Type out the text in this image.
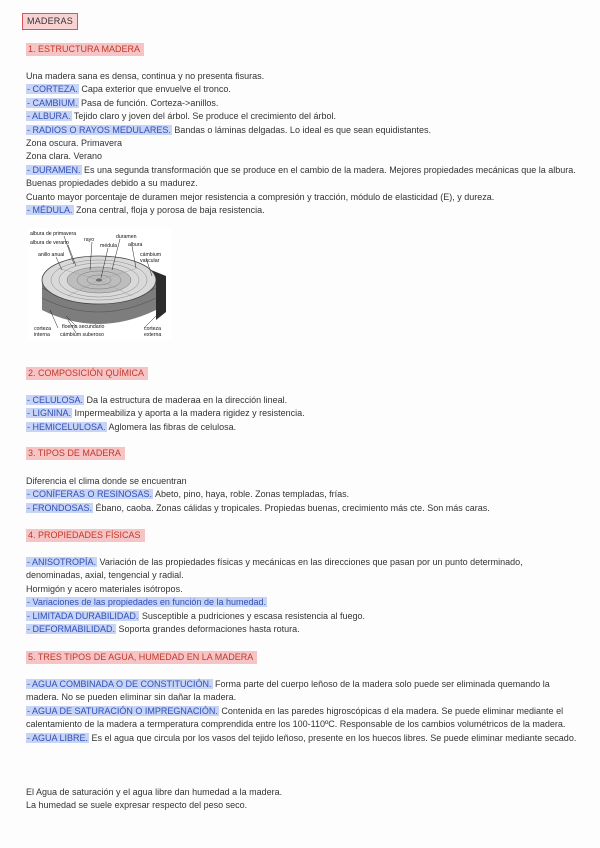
MADERAS
1. ESTRUCTURA MADERA

Una madera sana es densa, continua y no presenta fisuras.

- CORTEZA. Capa exterior que envuelve el tronco.

- CAMBIUM. Pasa de función. Corteza->anillos.

- ALBURA. Tejido claro y joven del árbol. Se produce el crecimiento del árbol.

- RADIOS O RAYOS MEDULARES. Bandas o láminas delgadas. Lo ideal es que sean equidistantes.

Zona oscura. Primavera

Zona clara. Verano

- DURAMEN. Es una segunda transformación que se produce en el cambio de la madera. Mejores propiedades mecánicas que la albura. Buenas propiedades debido a su madurez.

Cuanto mayor porcentaje de duramen mejor resistencia a compresión y tracción, módulo de elasticidad (E), y dureza.

- MÉDULA. Zona central, floja y porosa de baja resistencia.

albura de primavera
albura de verano
anillo anual
rayo
médula
duramen
albura
cámbium
vascular
corteza
interna
floema secundario
cámbium suberoso
corteza
externa
2. COMPOSICIÓN QUÍMICA

- CELULOSA. Da la estructura de maderaa en la dirección lineal.

- LIGNINA. Impermeabiliza y aporta a la madera rigidez y resistencia.

- HEMICELULOSA. Aglomera las fibras de celulosa.

3. TIPOS DE MADERA

Diferencia el clima donde se encuentran

- CONÍFERAS O RESINOSAS. Abeto, pino, haya, roble. Zonas templadas, frías.

- FRONDOSAS. Ébano, caoba. Zonas cálidas y tropicales. Propiedas buenas, crecimiento más cte. Son más caras.

4. PROPIEDADES FÍSICAS

- ANISOTROPÍA. Variación de las propiedades físicas y mecánicas en las direcciones que pasan por un punto determinado, denominadas, axial, tengencial y radial.

Hormigón y acero materiales isótropos.

- Variaciones de las propiedades en función de la humedad.

- LIMITADA DURABILIDAD. Susceptible a pudriciones y escasa resistencia al fuego.

- DEFORMABILIDAD. Soporta grandes deformaciones hasta rotura.

5. TRES TIPOS DE AGUA, HUMEDAD EN LA MADERA

- AGUA COMBINADA O DE CONSTITUCIÓN. Forma parte del cuerpo leñoso de la madera solo puede ser eliminada quemando la madera. No se pueden eliminar sin dañar la madera.

- AGUA DE SATURACIÓN O IMPREGNACIÓN. Contenida en las paredes higroscópicas d ela madera. Se puede eliminar mediante el calentamiento de la madera a termperatura comprendida entre los 100-110ºC. Responsable de los cambios volumétricos de la madera.

- AGUA LIBRE. Es el agua que circula por los vasos del tejido leñoso, presente en los huecos libres. Se puede eliminar mediante secado.

El Agua de saturación y el agua libre dan humedad a la madera.

La humedad se suele expresar respecto del peso seco.
